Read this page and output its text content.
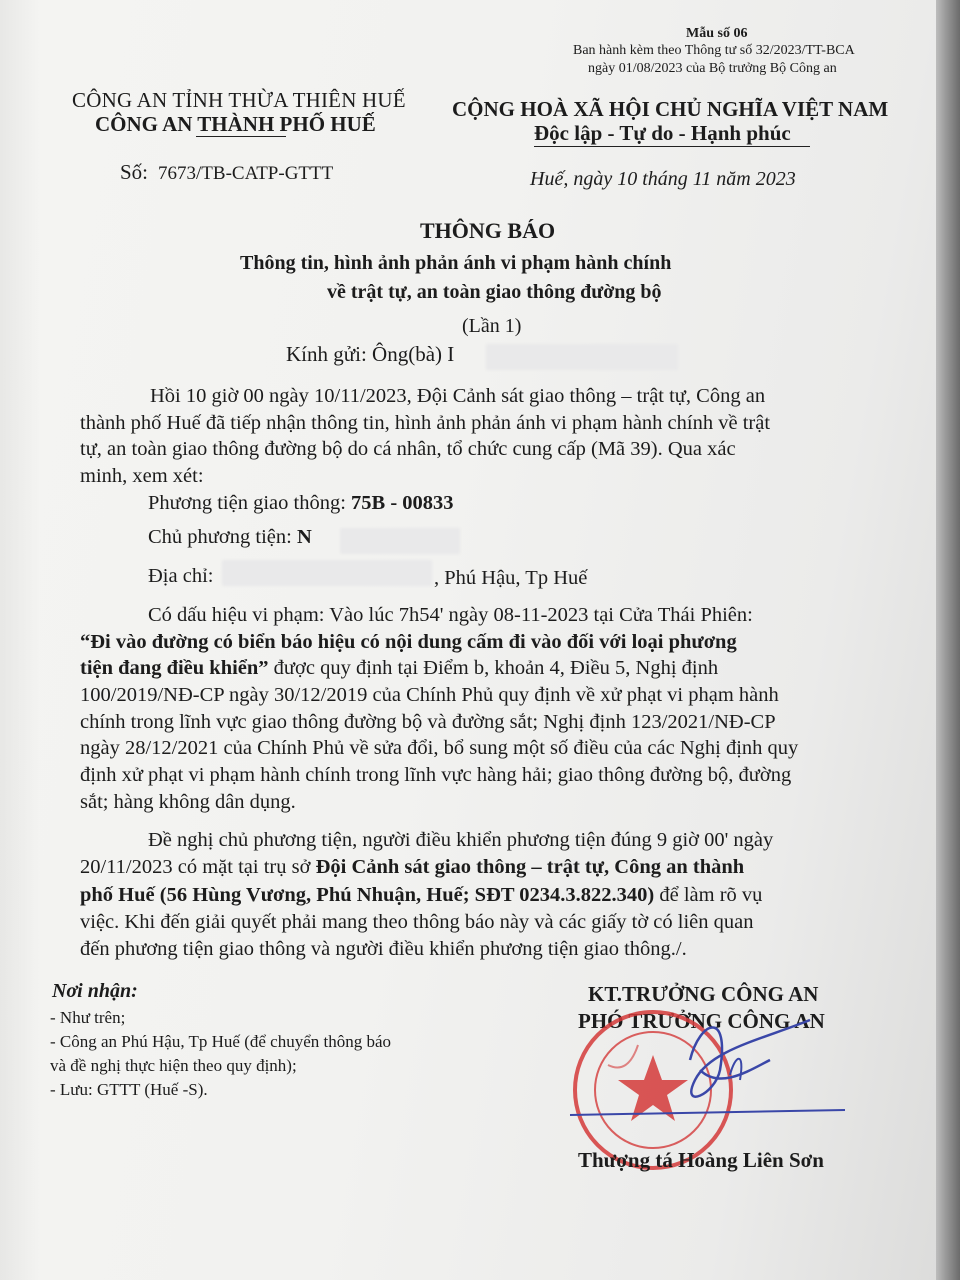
Mẫu số 06
Ban hành kèm theo Thông tư số 32/2023/TT-BCA
ngày 01/08/2023 của Bộ trưởng Bộ Công an
CÔNG AN TỈNH THỪA THIÊN HUẾ
CÔNG AN THÀNH PHỐ HUẾ
CỘNG HOÀ XÃ HỘI CHỦ NGHĨA VIỆT NAM
Độc lập - Tự do - Hạnh phúc
Số: 7673/TB-CATP-GTTT	Huế, ngày 10 tháng 11 năm 2023
THÔNG BÁO
Thông tin, hình ảnh phản ánh vi phạm hành chính
về trật tự, an toàn giao thông đường bộ
(Lần 1)
Kính gửi: Ông(bà) I
Hồi 10 giờ 00 ngày 10/11/2023, Đội Cảnh sát giao thông – trật tự, Công an
thành phố Huế đã tiếp nhận thông tin, hình ảnh phản ánh vi phạm hành chính về trật
tự, an toàn giao thông đường bộ do cá nhân, tổ chức cung cấp (Mã 39). Qua xác
minh, xem xét:
Phương tiện giao thông: 75B - 00833
Chủ phương tiện: N
Địa chỉ:	, Phú Hậu, Tp Huế
Có dấu hiệu vi phạm: Vào lúc 7h54' ngày 08-11-2023 tại Cửa Thái Phiên:
“Đi vào đường có biển báo hiệu có nội dung cấm đi vào đối với loại phương
tiện đang điều khiển” được quy định tại Điểm b, khoản 4, Điều 5, Nghị định
100/2019/NĐ-CP ngày 30/12/2019 của Chính Phủ quy định về xử phạt vi phạm hành
chính trong lĩnh vực giao thông đường bộ và đường sắt; Nghị định 123/2021/NĐ-CP
ngày 28/12/2021 của Chính Phủ về sửa đổi, bổ sung một số điều của các Nghị định quy
định xử phạt vi phạm hành chính trong lĩnh vực hàng hải; giao thông đường bộ, đường
sắt; hàng không dân dụng.
Đề nghị chủ phương tiện, người điều khiển phương tiện đúng 9 giờ 00' ngày
20/11/2023 có mặt tại trụ sở Đội Cảnh sát giao thông – trật tự, Công an thành
phố Huế (56 Hùng Vương, Phú Nhuận, Huế; SĐT 0234.3.822.340) để làm rõ vụ
việc. Khi đến giải quyết phải mang theo thông báo này và các giấy tờ có liên quan
đến phương tiện giao thông và người điều khiển phương tiện giao thông./.
Nơi nhận:
- Như trên;
- Công an Phú Hậu, Tp Huế (để chuyển thông báo
và đề nghị thực hiện theo quy định);
- Lưu: GTTT (Huế -S).
KT.TRƯỞNG CÔNG AN
PHÓ TRƯỞNG CÔNG AN
Thượng tá Hoàng Liên Sơn
